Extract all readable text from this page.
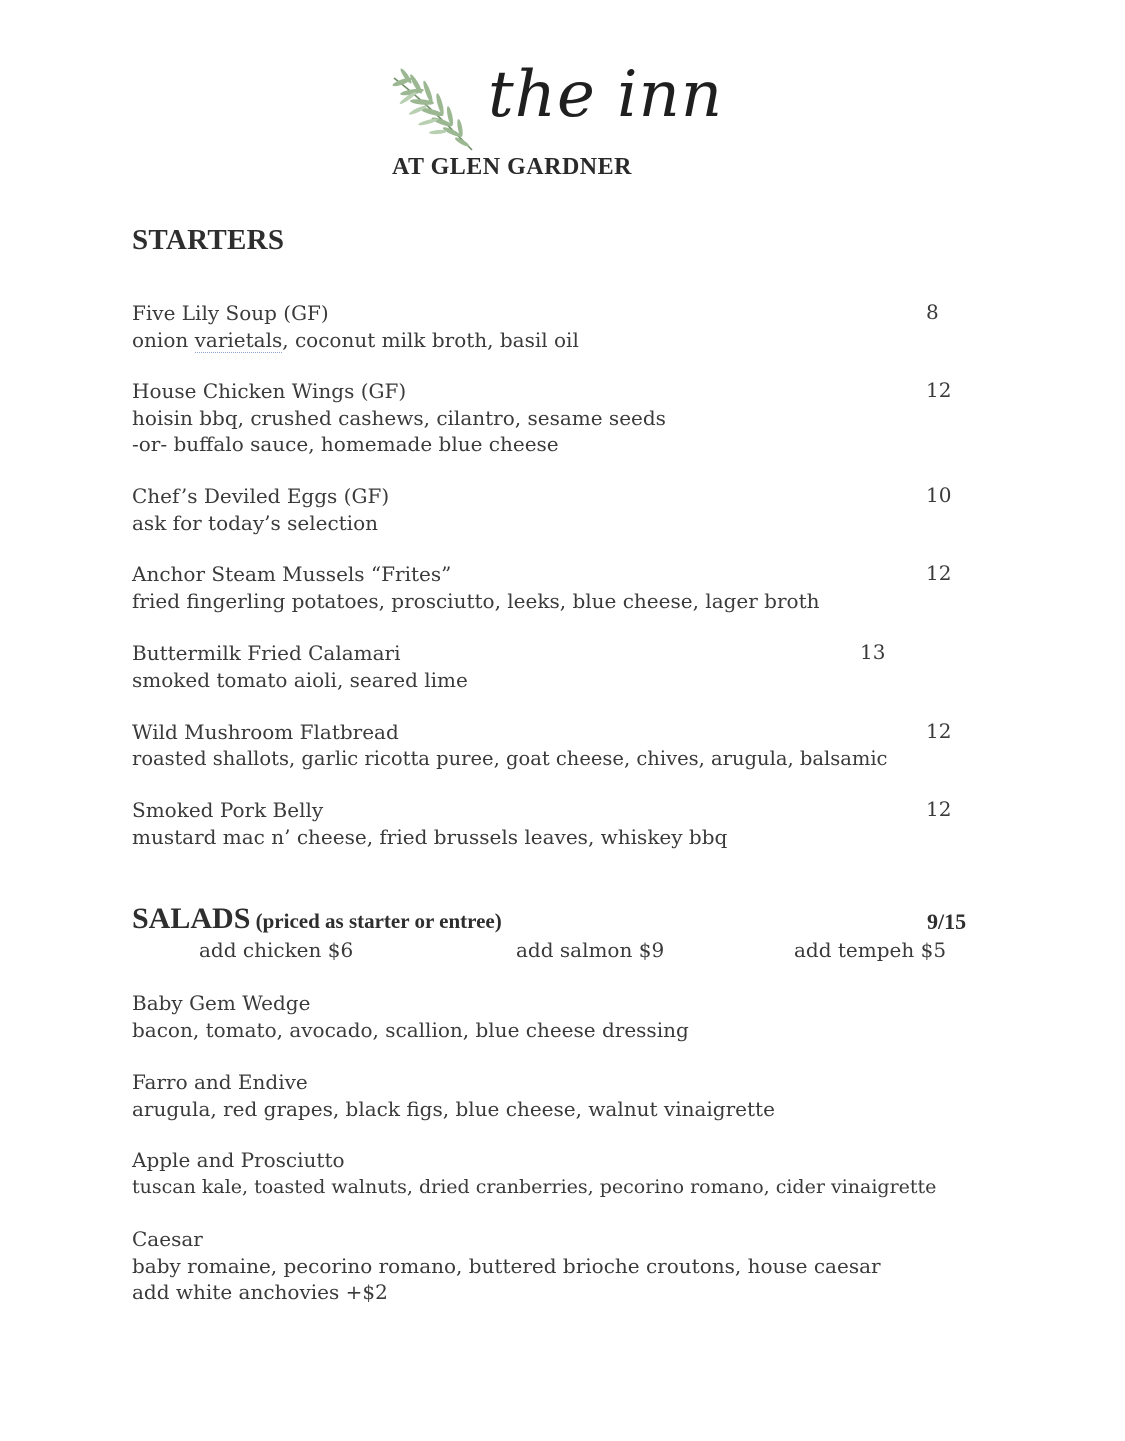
the inn
AT GLEN GARDNER
STARTERS
Five Lily Soup (GF)
onion varietals, coconut milk broth, basil oil
8
House Chicken Wings (GF)
hoisin bbq, crushed cashews, cilantro, sesame seeds
-or- buffalo sauce, homemade blue cheese
12
Chef’s Deviled Eggs (GF)
ask for today’s selection
10
Anchor Steam Mussels “Frites”
fried fingerling potatoes, prosciutto, leeks, blue cheese, lager broth
12
Buttermilk Fried Calamari
smoked tomato aioli, seared lime
13
Wild Mushroom Flatbread
roasted shallots, garlic ricotta puree, goat cheese, chives, arugula, balsamic
12
Smoked Pork Belly
mustard mac n’ cheese, fried brussels leaves, whiskey bbq
12
SALADS (priced as starter or entree)	9/15
add chicken $6	add salmon $9	add tempeh $5
Baby Gem Wedge
bacon, tomato, avocado, scallion, blue cheese dressing
Farro and Endive
arugula, red grapes, black figs, blue cheese, walnut vinaigrette
Apple and Prosciutto
tuscan kale, toasted walnuts, dried cranberries, pecorino romano, cider vinaigrette
Caesar
baby romaine, pecorino romano, buttered brioche croutons, house caesar
add white anchovies +$2
